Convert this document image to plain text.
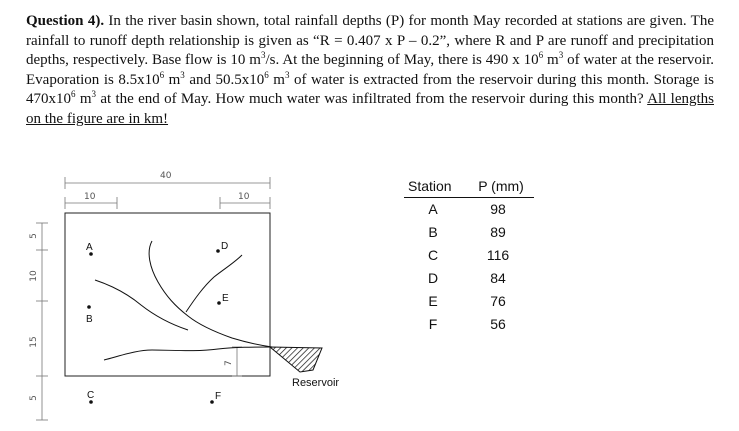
Question 4). In the river basin shown, total rainfall depths (P) for month May recorded at stations are given. The rainfall to runoff depth relationship is given as “R = 0.407 x P – 0.2”, where R and P are runoff and precipitation depths, respectively. Base flow is 10 $m^3/s$. At the beginning of May, there is 490 x $10^6$ $m^3$ of water at the reservoir. Evaporation is $8.5x10^6$ $m^3$ and $50.5x10^6$ $m^3$ of water is extracted from the reservoir during this month. Storage is $470x10^6$ $m^3$ at the end of May. How much water was infiltrated from the reservoir during this month? All lengths on the figure are in km!
40
10	10
5
10
15
5
7
Reservoir
A
B
C
D
E
F
Station	P (mm)
A	98
B	89
C	116
D	84
E	76
F	56
